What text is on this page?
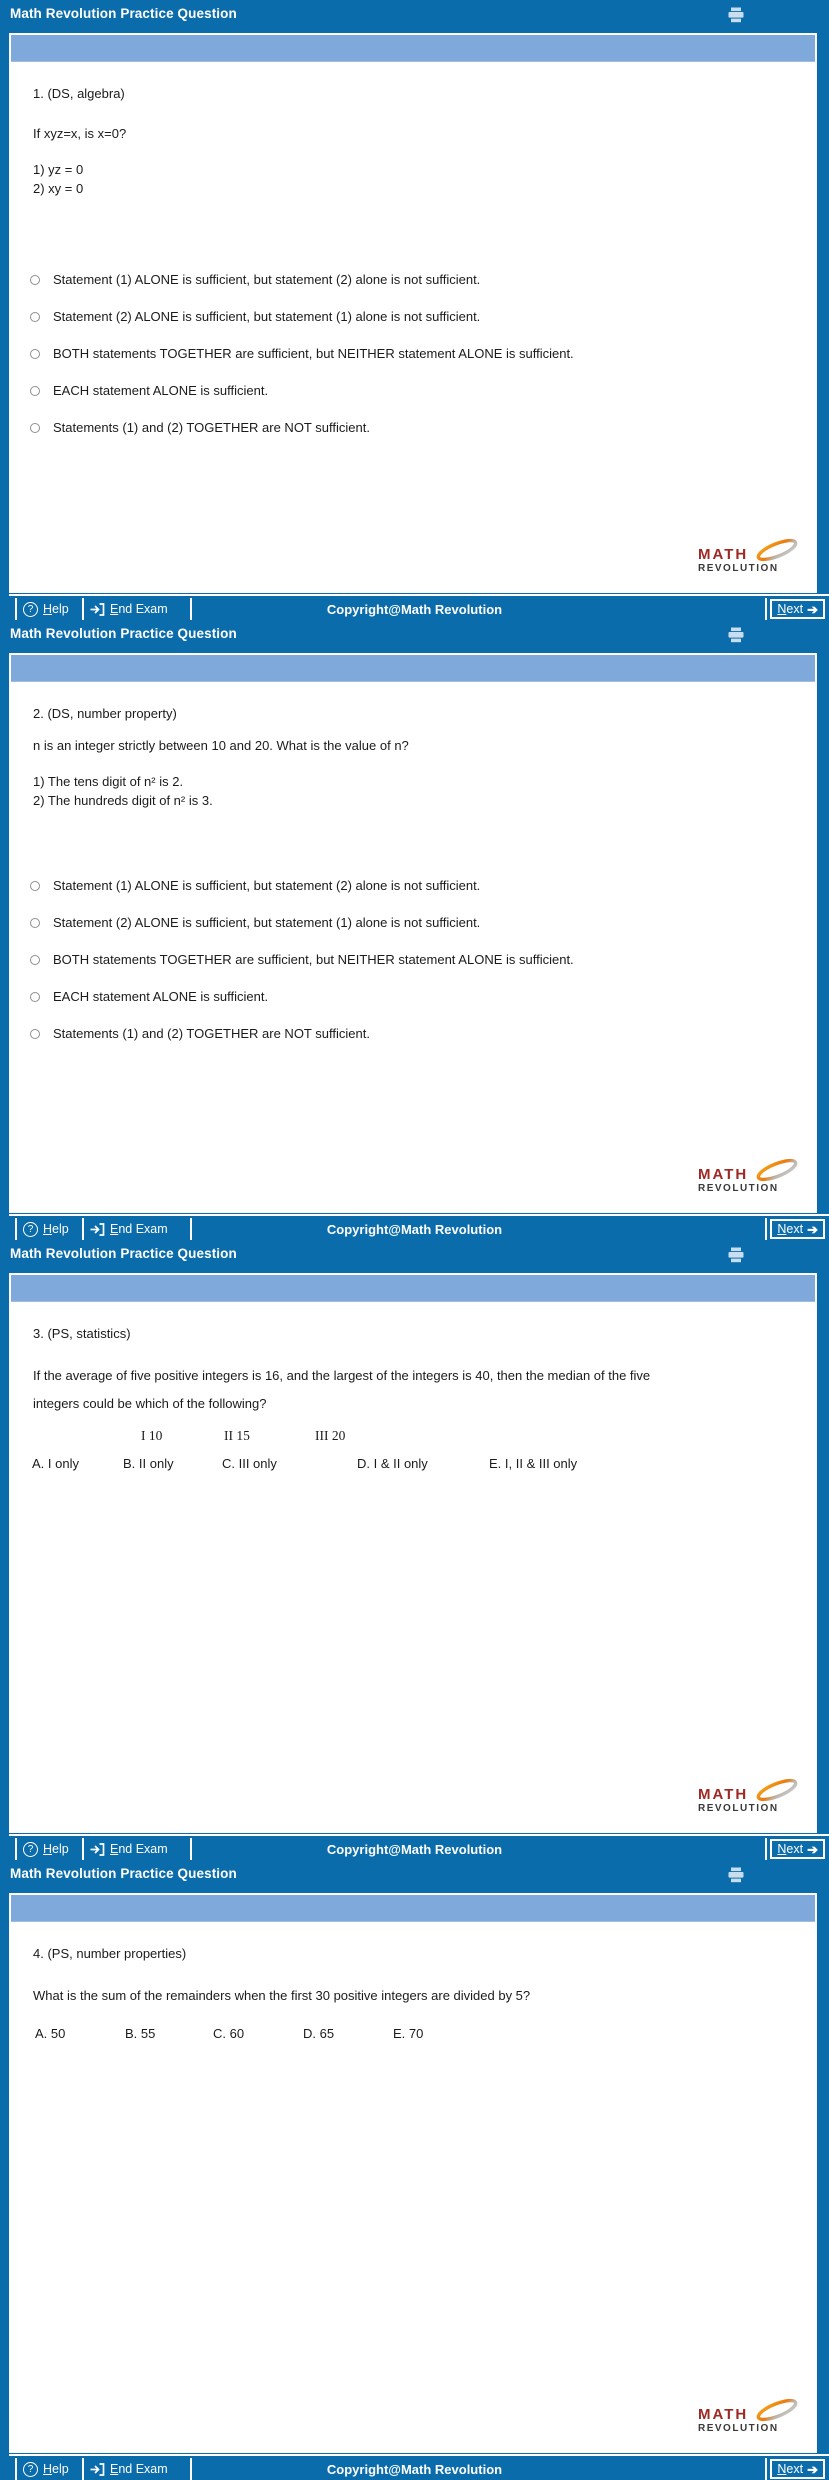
Math Revolution Practice Question
1. (DS, algebra)
If xyz=x, is x=0?
1) yz = 0
2) xy = 0
Statement (1) ALONE is sufficient, but statement (2) alone is not sufficient.
Statement (2) ALONE is sufficient, but statement (1) alone is not sufficient.
BOTH statements TOGETHER are sufficient, but NEITHER statement ALONE is sufficient.
EACH statement ALONE is sufficient.
Statements (1) and (2) TOGETHER are NOT sufficient.
MATH
REVOLUTION
? Help	End Exam	Copyright@Math Revolution	Next ➔
Math Revolution Practice Question
2. (DS, number property)
n is an integer strictly between 10 and 20. What is the value of n?
1) The tens digit of n² is 2.
2) The hundreds digit of n² is 3.
Statement (1) ALONE is sufficient, but statement (2) alone is not sufficient.
Statement (2) ALONE is sufficient, but statement (1) alone is not sufficient.
BOTH statements TOGETHER are sufficient, but NEITHER statement ALONE is sufficient.
EACH statement ALONE is sufficient.
Statements (1) and (2) TOGETHER are NOT sufficient.
MATH
REVOLUTION
? Help	End Exam	Copyright@Math Revolution	Next ➔
Math Revolution Practice Question
3. (PS, statistics)
If the average of five positive integers is 16, and the largest of the integers is 40, then the median of the five
integers could be which of the following?
I 10	II 15	III 20
A. I only	B. II only	C. III only	D. I & II only	E. I, II & III only
MATH
REVOLUTION
? Help	End Exam	Copyright@Math Revolution	Next ➔
Math Revolution Practice Question
4. (PS, number properties)
What is the sum of the remainders when the first 30 positive integers are divided by 5?
A. 50	B. 55	C. 60	D. 65	E. 70
MATH
REVOLUTION
? Help	End Exam	Copyright@Math Revolution	Next ➔
